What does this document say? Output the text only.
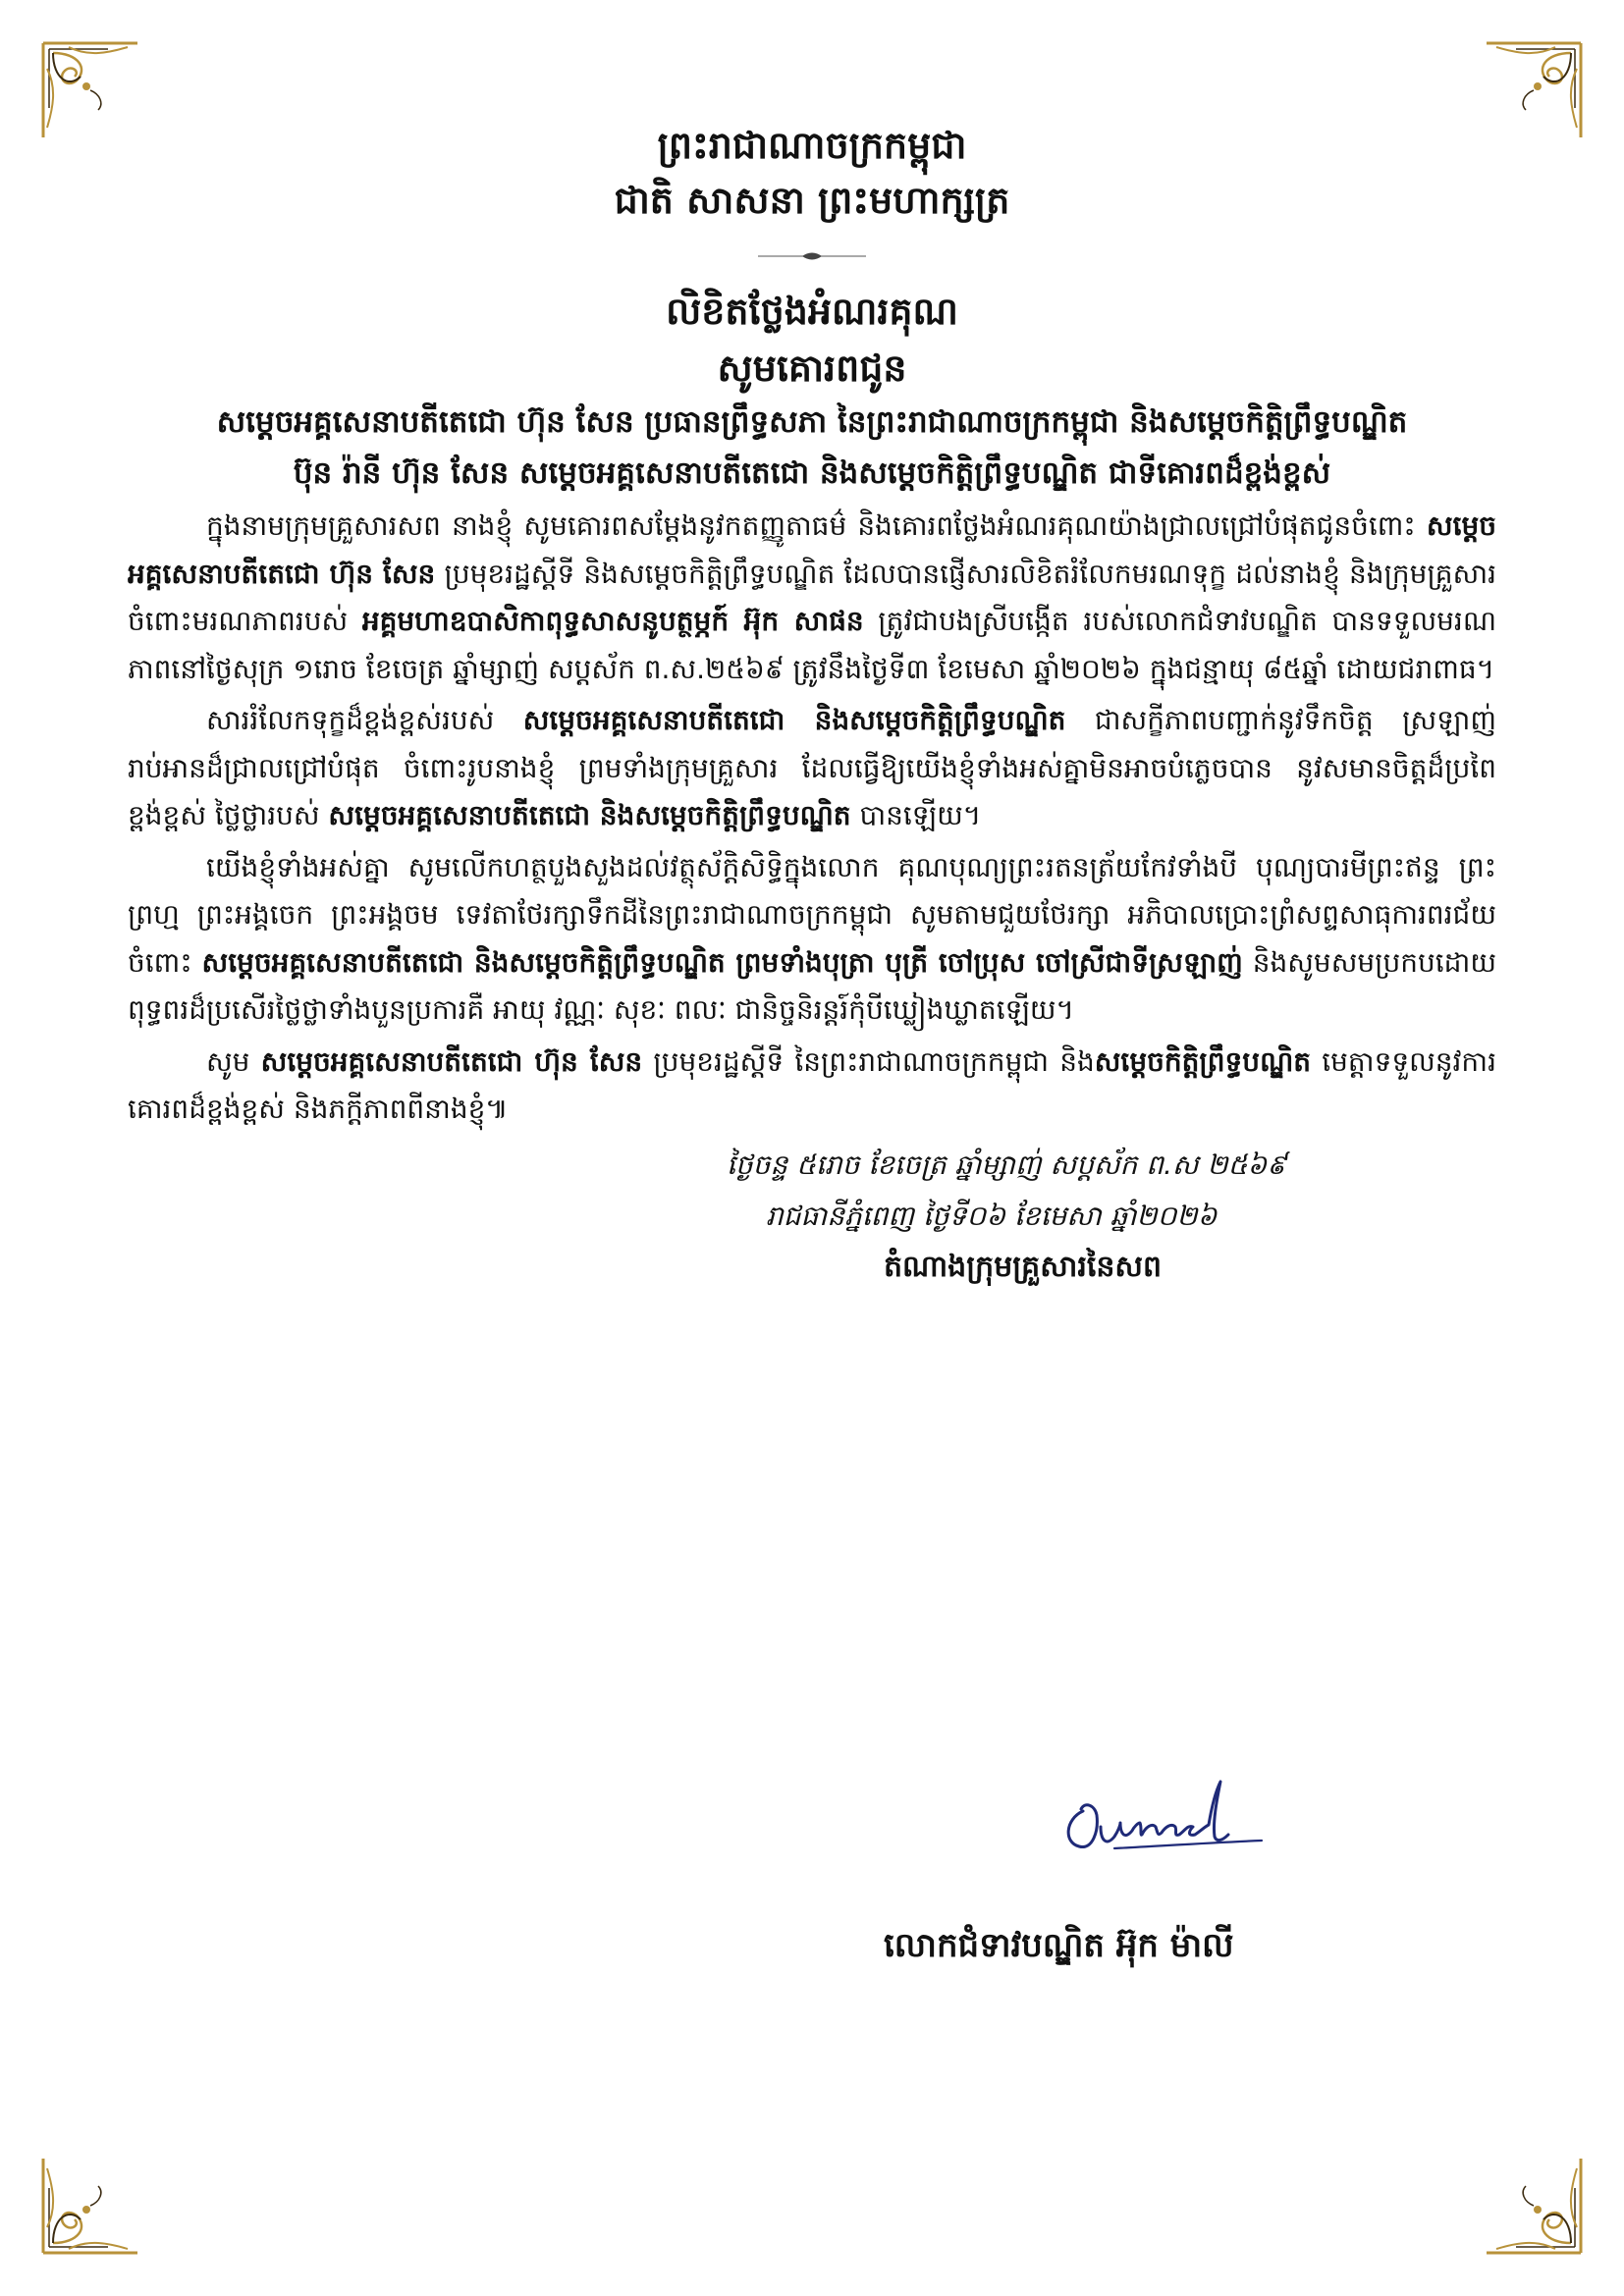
ព្រះរាជាណាចក្រកម្ពុជា
ជាតិ សាសនា ព្រះមហាក្សត្រ
លិខិតថ្លែងអំណរគុណ
សូមគោរពជូន
សម្តេចអគ្គសេនាបតីតេជោ ហ៊ុន សែន ប្រធានព្រឹទ្ធសភា នៃព្រះរាជាណាចក្រកម្ពុជា និងសម្តេចកិត្តិព្រឹទ្ធបណ្ឌិត
ប៊ុន រ៉ានី ហ៊ុន សែន សម្តេចអគ្គសេនាបតីតេជោ និងសម្តេចកិត្តិព្រឹទ្ធបណ្ឌិត ជាទីគោរពដ៏ខ្ពង់ខ្ពស់

ក្នុងនាមក្រុមគ្រួសារសព នាងខ្ញុំ សូមគោរពសម្តែងនូវកតញ្ញូតាធម៌ និងគោរពថ្លែងអំណរគុណយ៉ាងជ្រាលជ្រៅបំផុតជូនចំពោះ សម្តេចអគ្គសេនាបតីតេជោ ហ៊ុន សែន ប្រមុខរដ្ឋស្តីទី និងសម្តេចកិត្តិព្រឹទ្ធបណ្ឌិត ដែលបានផ្ញើសារលិខិតរំលែកមរណទុក្ខ ដល់នាងខ្ញុំ និងក្រុមគ្រួសារ ចំពោះមរណភាពរបស់ អគ្គមហាឧបាសិកាពុទ្ធសាសនូបត្ថម្ភក៍ អ៊ុក សាផន ត្រូវជាបងស្រីបង្កើត របស់លោកជំទាវបណ្ឌិត បានទទួលមរណភាពនៅថ្ងៃសុក្រ ១រោច ខែចេត្រ ឆ្នាំម្សាញ់ សប្តស័ក ព.ស.២៥៦៩ ត្រូវនឹងថ្ងៃទី៣ ខែមេសា ឆ្នាំ២០២៦ ក្នុងជន្មាយុ ៨៥ឆ្នាំ ដោយជរាពាធ។

សាររំលែកទុក្ខដ៏ខ្ពង់ខ្ពស់របស់ សម្តេចអគ្គសេនាបតីតេជោ និងសម្តេចកិត្តិព្រឹទ្ធបណ្ឌិត ជាសក្ខីភាពបញ្ជាក់នូវទឹកចិត្ត ស្រឡាញ់ រាប់អានដ៏ជ្រាលជ្រៅបំផុត ចំពោះរូបនាងខ្ញុំ ព្រមទាំងក្រុមគ្រួសារ ដែលធ្វើឱ្យយើងខ្ញុំទាំងអស់គ្នាមិនអាចបំភ្លេចបាន នូវសមានចិត្តដ៏ប្រពៃ ខ្ពង់ខ្ពស់ ថ្លៃថ្លារបស់ សម្តេចអគ្គសេនាបតីតេជោ និងសម្តេចកិត្តិព្រឹទ្ធបណ្ឌិត បានឡើយ។

យើងខ្ញុំទាំងអស់គ្នា សូមលើកហត្ថបួងសួងដល់វត្ថុស័ក្តិសិទ្ធិក្នុងលោក គុណបុណ្យព្រះរតនត្រ័យកែវទាំងបី បុណ្យបារមីព្រះឥន្ទ ព្រះព្រហ្ម ព្រះអង្គចេក ព្រះអង្គចម ទេវតាថែរក្សាទឹកដីនៃព្រះរាជាណាចក្រកម្ពុជា សូមតាមជួយថែរក្សា អភិបាលប្រោះព្រំសព្ទសាធុការពរជ័យចំពោះ សម្តេចអគ្គសេនាបតីតេជោ និងសម្តេចកិត្តិព្រឹទ្ធបណ្ឌិត ព្រមទាំងបុត្រា បុត្រី ចៅប្រុស ចៅស្រីជាទីស្រឡាញ់ និងសូមសមប្រកបដោយពុទ្ធពរដ៏ប្រសើរថ្លៃថ្លាទាំងបួនប្រការគឺ អាយុ វណ្ណៈ សុខៈ ពលៈ ជានិច្ចនិរន្តរ៍កុំបីឃ្លៀងឃ្លាតឡើយ។

សូម សម្តេចអគ្គសេនាបតីតេជោ ហ៊ុន សែន ប្រមុខរដ្ឋស្តីទី នៃព្រះរាជាណាចក្រកម្ពុជា និងសម្តេចកិត្តិព្រឹទ្ធបណ្ឌិត មេត្តាទទួលនូវការគោរពដ៏ខ្ពង់ខ្ពស់ និងភក្តីភាពពីនាងខ្ញុំ៕

ថ្ងៃចន្ទ ៥រោច ខែចេត្រ ឆ្នាំម្សាញ់ សប្តស័ក ព.ស ២៥៦៩
រាជធានីភ្នំពេញ ថ្ងៃទី០៦ ខែមេសា ឆ្នាំ២០២៦
តំណាងក្រុមគ្រួសារនៃសព
លោកជំទាវបណ្ឌិត អ៊ុក ម៉ាលី
